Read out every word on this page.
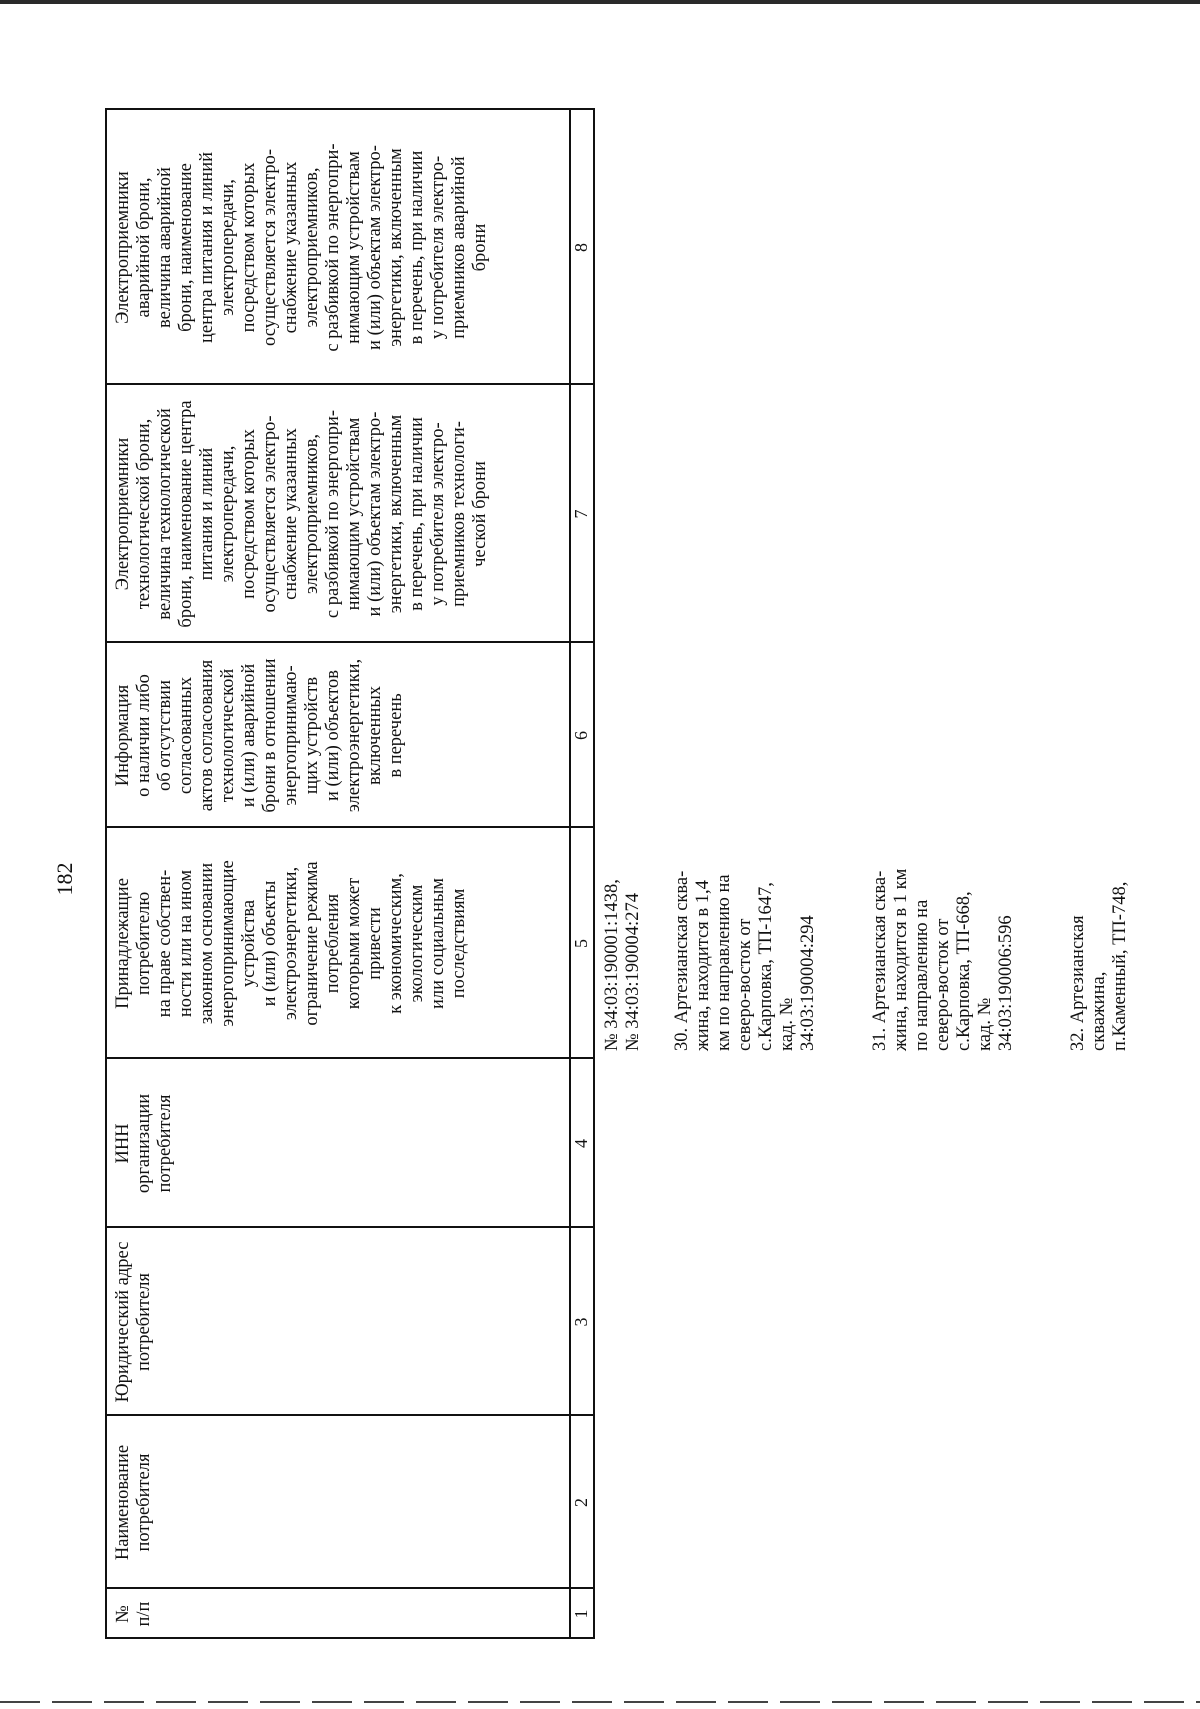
182
№
п/п
Наименование
потребителя
Юридический адрес
потребителя
ИНН
организации
потребителя
Принадлежащие
потребителю
на праве собствен-
ности или на ином
законном основании
энергопринимающие
устройства
и (или) объекты
электроэнергетики,
ограничение режима
потребления
которыми может
привести
к экономическим,
экологическим
или социальным
последствиям
Информация
о наличии либо
об отсутствии
согласованных
актов согласования
технологической
и (или) аварийной
брони в отношении
энергопринимаю-
щих устройств
и (или) объектов
электроэнергетики,
включенных
в перечень
Электроприемники
технологической брони,
величина технологической
брони, наименование центра
питания и линий
электропередачи,
посредством которых
осуществляется электро-
снабжение указанных
электроприемников,
с разбивкой по энергопри-
нимающим устройствам
и (или) объектам электро-
энергетики, включенным
в перечень, при наличии
у потребителя электро-
приемников технологи-
ческой брони
Электроприемники
аварийной брони,
величина аварийной
брони, наименование
центра питания и линий
электропередачи,
посредством которых
осуществляется электро-
снабжение указанных
электроприемников,
с разбивкой по энергопри-
нимающим устройствам
и (или) объектам электро-
энергетики, включенным
в перечень, при наличии
у потребителя электро-
приемников аварийной
брони
1
2
3
4
5
6
7
8
№ 34:03:190001:1438, № 34:03:190004:274 30. Артезианская сква- жина, находится в 1,4 км по направлению на северо-восток от с.Карповка, ТП-1647, кад. № 34:03:190004:294	31. Артезианская сква- жина, находится в 1 км по направлению на северо-восток от с.Карповка, ТП-668, кад. № 34:03:190006:596	32. Артезианская скважина, п.Каменный, ТП-748,
